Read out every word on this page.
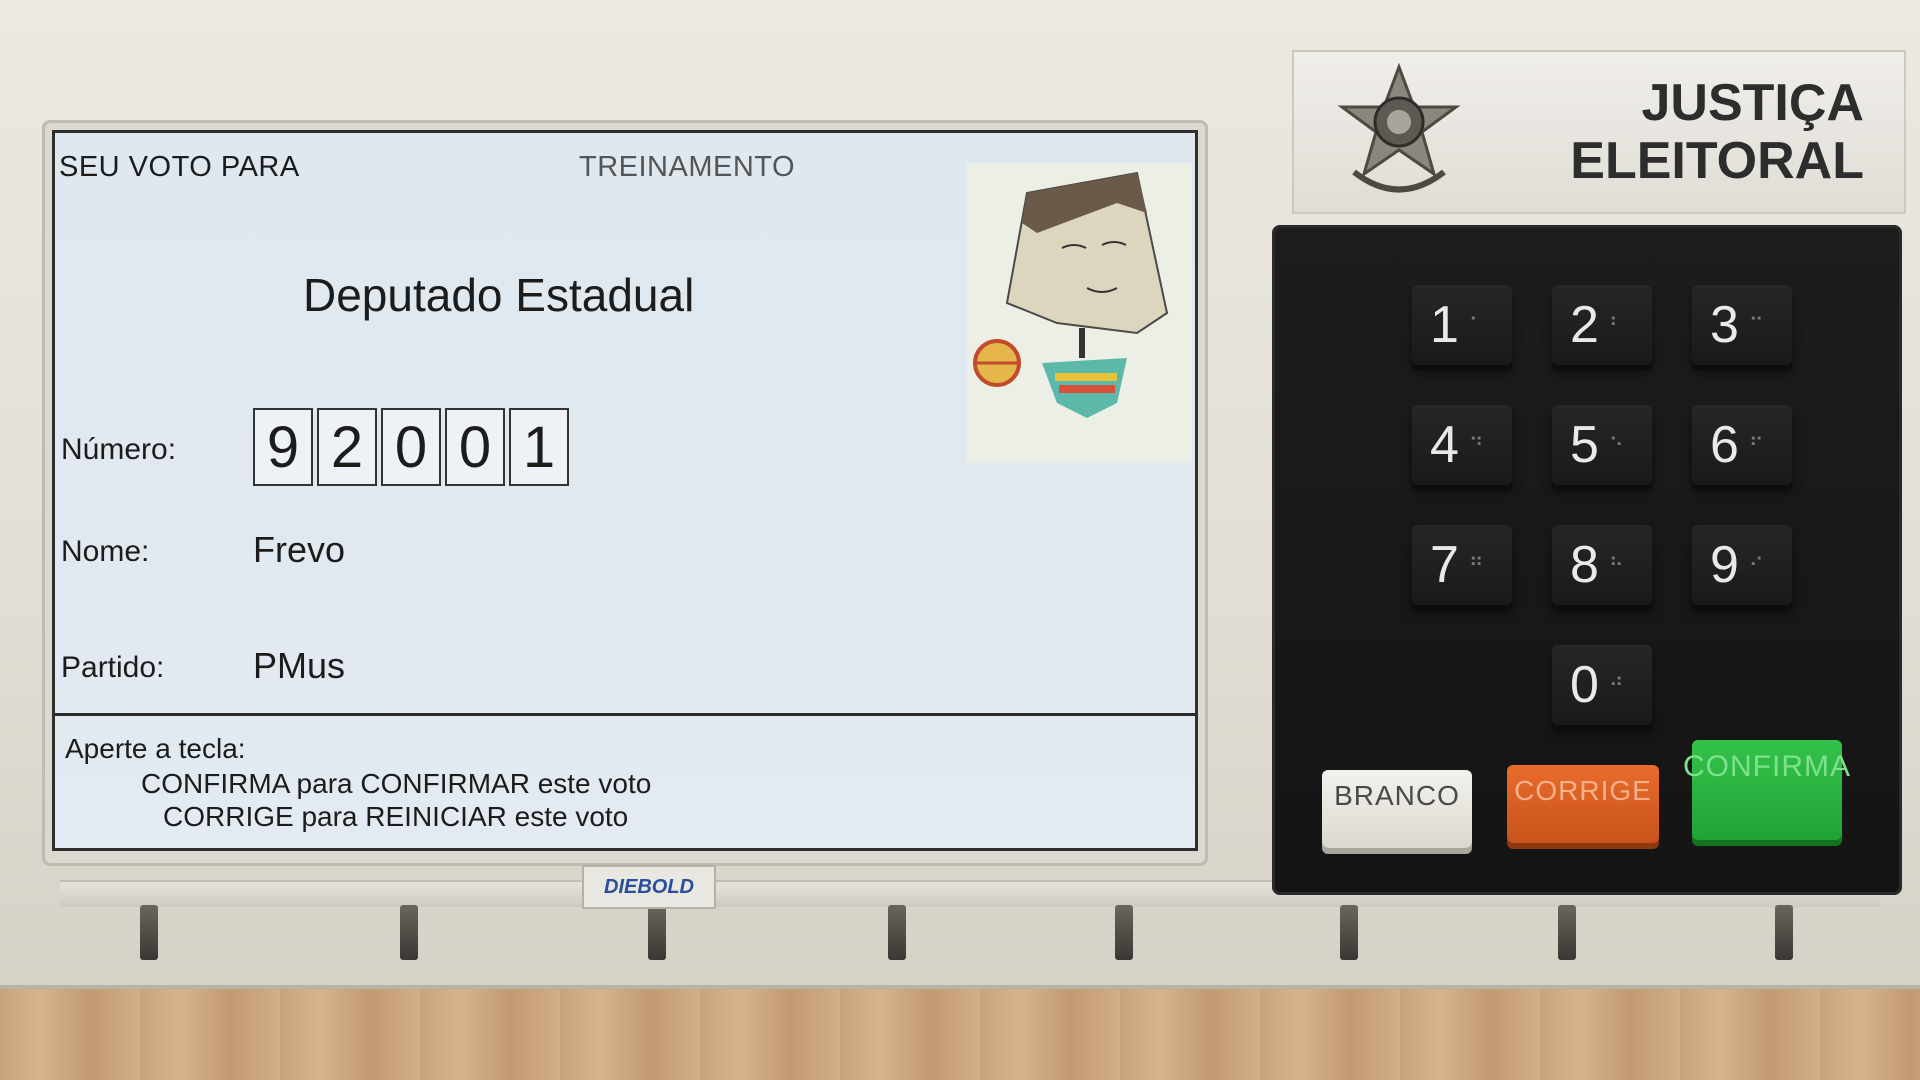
SEU VOTO PARA	TREINAMENTO
Deputado Estadual
Número: 9 2 0 0 1
Nome:	Frevo
Partido: PMus
Aperte a tecla:
CONFIRMA para CONFIRMAR este voto
CORRIGE para REINICIAR este voto
DIEBOLD
JUSTIÇA
ELEITORAL
1 ⠁ 2 ⠃ 3 ⠉
4 ⠙ 5 ⠑ 6 ⠋
7 ⠛ 8 ⠓ 9 ⠊
0 ⠚
BRANCO	CORRIGE
CONFIRMA
